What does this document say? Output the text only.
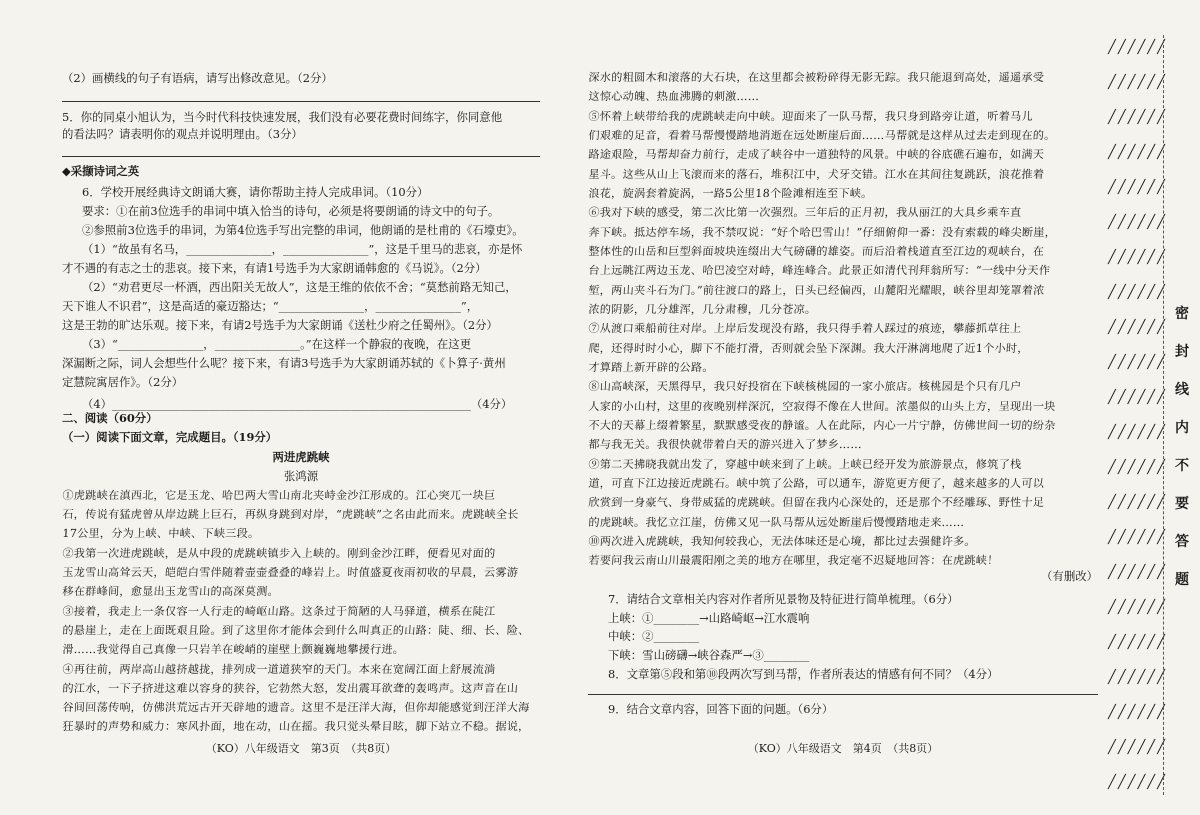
（2）画横线的句子有语病，请写出修改意见。（2分）
5．你的同桌小旭认为，当今时代科技快速发展，我们没有必要花费时间练字，你同意他
的看法吗？请表明你的观点并说明理由。（3分）
◆采撷诗词之英
6．学校开展经典诗文朗诵大赛，请你帮助主持人完成串词。（10分）
要求：①在前3位选手的串词中填入恰当的诗句，必须是将要朗诵的诗文中的句子。
②参照前3位选手的串词，为第4位选手写出完整的串词，他朗诵的是杜甫的《石壕吏》。
（1）“故虽有名马，_______________，_______________”，这是千里马的悲哀，亦是怀
才不遇的有志之士的悲哀。接下来，有请1号选手为大家朗诵韩愈的《马说》。（2分）
（2）“劝君更尽一杯酒，西出阳关无故人”，这是王维的依依不舍；“莫愁前路无知己，
天下谁人不识君”，这是高适的豪迈豁达；“_______________，_______________”，
这是王勃的旷达乐观。接下来，有请2号选手为大家朗诵《送杜少府之任蜀州》。（2分）
（3）“_______________，_______________。”在这样一个静寂的夜晚，在这更
深漏断之际，词人会想些什么呢？接下来，有请3号选手为大家朗诵苏轼的《卜算子·黄州
定慧院寓居作》。（2分）
（4）_______________________________________________________________（4分）
二、阅读（60分）
（一）阅读下面文章，完成题目。（19分）
两进虎跳峡
张鸿源
①虎跳峡在滇西北，它是玉龙、哈巴两大雪山南北夹峙金沙江形成的。江心突兀一块巨
石，传说有猛虎曾从岸边跳上巨石，再纵身跳到对岸，“虎跳峡”之名由此而来。虎跳峡全长
17公里，分为上峡、中峡、下峡三段。
②我第一次进虎跳峡，是从中段的虎跳峡镇步入上峡的。刚到金沙江畔，便看见对面的
玉龙雪山高耸云天，皑皑白雪伴随着壶壶叠叠的峰岩上。时值盛夏夜雨初收的早晨，云雾游
移在群峰间，愈显出玉龙雪山的高深莫测。
③接着，我走上一条仅容一人行走的崎岖山路。这条过于简陋的人马驿道，横系在陡江
的悬崖上，走在上面既艰且险。到了这里你才能体会到什么叫真正的山路：陡、细、长、险、
滑……我觉得自己真像一只岩羊在峻峭的崖壁上颤巍巍地攀援行进。
④再往前，两岸高山越挤越拢，排列成一道道狭窄的天门。本来在宽阔江面上舒展流淌
的江水，一下子挤进这难以容身的狭谷，它勃然大怒，发出震耳欲聋的轰鸣声。这声音在山
谷间回荡传响，仿佛洪荒远古开天辟地的遗音。这里不是汪洋大海，但你却能感觉到汪洋大海
狂暴时的声势和威力：寒风扑面，地在动，山在摇。我只觉头晕目眩，脚下站立不稳。据说，
（KO）八年级语文　第3页　（共8页）
深水的粗圆木和滚落的大石块，在这里都会被粉碎得无影无踪。我只能退到高处，遥遥承受
这惊心动魄、热血沸腾的刺激……
⑤怀着上峡带给我的虎跳峡走向中峡。迎面来了一队马帮，我只身到路旁让道，听着马儿
们艰难的足音，看着马帮慢慢踏地消逝在远处断崖后面……马帮就是这样从过去走到现在的。
路途艰险，马帮却奋力前行，走成了峡谷中一道独特的风景。中峡的谷底礁石遍布，如满天
星斗。这些从山上飞滚而来的落石，堆积江中，犬牙交错。江水在其间往复跳跃，浪花推着
浪花，旋涡套着旋涡，一路5公里18个险滩相连至下峡。
⑥我对下峡的感受，第二次比第一次强烈。三年后的正月初，我从丽江的大具乡乘车直
奔下峡。抵达停车场，我不禁叹说：“好个哈巴雪山！”仔细俯仰一番：没有索载的峰尖断崖，
整体性的山岳和巨型斜面坡块连缀出大气磅礴的雄姿。而后沿着栈道直至江边的观峡台，在
台上远眺江两边玉龙、哈巴凌空对峙，峰连峰合。此景正如清代刊拜翁所写：“一线中分天作
堑，两山夹斗石为门。”前往渡口的路上，日头已经偏西，山麓阳光耀眼，峡谷里却笼罩着浓
浓的阴影，几分雄浑，几分肃穆，几分苍凉。
⑦从渡口乘船前往对岸。上岸后发现没有路，我只得手着人踩过的痕迹，攀藤抓草往上
爬，还得时时小心，脚下不能打滑，否则就会坠下深渊。我大汗淋漓地爬了近1个小时，
才算踏上新开辟的公路。
⑧山高峡深，天黑得早，我只好投宿在下峡核桃园的一家小旅店。核桃园是个只有几户
人家的小山村，这里的夜晚别样深沉，空寂得不像在人世间。浓墨似的山头上方，呈现出一块
不大的天幕上缀着繁星，默默感受夜的静谧。人在此际，内心一片宁静，仿佛世间一切的纷杂
都与我无关。我很快就带着白天的游兴进入了梦乡……
⑨第二天拂晓我就出发了，穿越中峡来到了上峡。上峡已经开发为旅游景点，修筑了栈
道，可直下江边接近虎跳石。峡中筑了公路，可以通车，游览更方便了，越来越多的人可以
欣赏到一身豪气、身带威猛的虎跳峡。但留在我内心深处的，还是那个不经雕琢、野性十足
的虎跳峡。我忆立江崖，仿佛又见一队马帮从远处断崖后慢慢踏地走来……
⑩两次进入虎跳峡，我知何较我心，无法体味还是心境，都比过去强健许多。
若要问我云南山川最震阳刚之美的地方在哪里，我定毫不迟疑地回答：在虎跳峡！
（有删改）
7．请结合文章相关内容对作者所见景物及特征进行简单梳理。（6分）
上峡：①________→山路崎岖→江水震响
中峡：②________
下峡：雪山磅礴→峡谷森严→③________
8．文章第⑤段和第⑩段两次写到马帮，作者所表达的情感有何不同？（4分）
9．结合文章内容，回答下面的问题。（6分）
（KO）八年级语文　第4页　（共8页）
╱╱╱╱╱╱
╱╱╱╱╱╱
╱╱╱╱╱╱
╱╱╱╱╱╱
╱╱╱╱╱╱
╱╱╱╱╱╱
╱╱╱╱╱╱
╱╱╱╱╱╱
╱╱╱╱╱╱
╱╱╱╱╱╱
╱╱╱╱╱╱
╱╱╱╱╱╱
╱╱╱╱╱╱
╱╱╱╱╱╱
╱╱╱╱╱╱
╱╱╱╱╱╱
╱╱╱╱╱╱
╱╱╱╱╱╱
╱╱╱╱╱╱
╱╱╱╱╱╱
╱╱╱╱╱╱
╱╱╱╱╱╱
密
封
线
内
不
要
答
题
